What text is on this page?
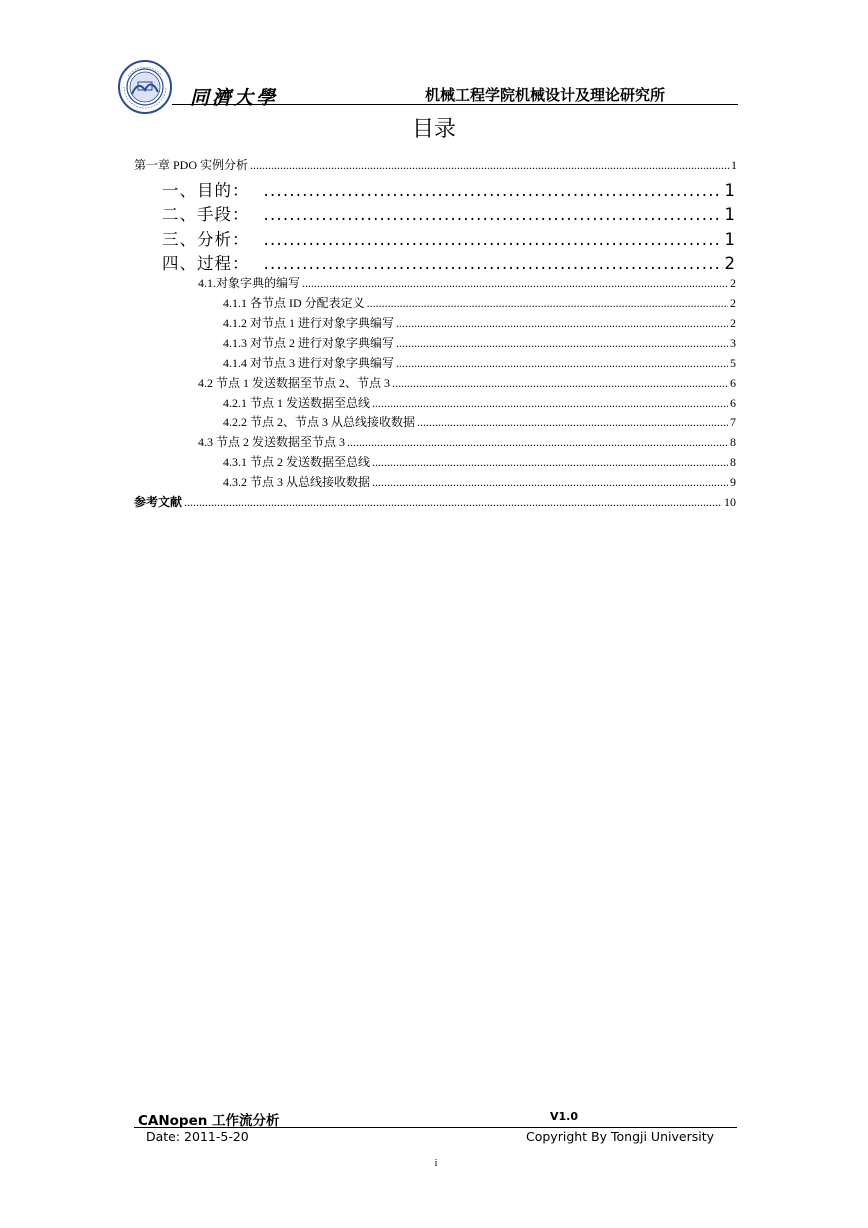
同濟大學	机械工程学院机械设计及理论研究所
目录
第一章 PDO 实例分析 .....	1
一、目的： .....	1
二、手段： .....	1
三、分析： .....	1
四、过程： .....	2
4.1.对象字典的编写 .....	2
4.1.1 各节点 ID 分配表定义 .....	2
4.1.2 对节点 1 进行对象字典编写 .....	2
4.1.3 对节点 2 进行对象字典编写 .....	3
4.1.4 对节点 3 进行对象字典编写 .....	5
4.2 节点 1 发送数据至节点 2、节点 3 .....	6
4.2.1 节点 1 发送数据至总线 .....	6
4.2.2 节点 2、节点 3 从总线接收数据 .....	7
4.3 节点 2 发送数据至节点 3 .....	8
4.3.1 节点 2 发送数据至总线 .....	8
4.3.2 节点 3 从总线接收数据 .....	9
参考文献 .....	10
CANopen 工作流分析	V1.0
Date: 2011-5-20	Copyright By Tongji University
i
